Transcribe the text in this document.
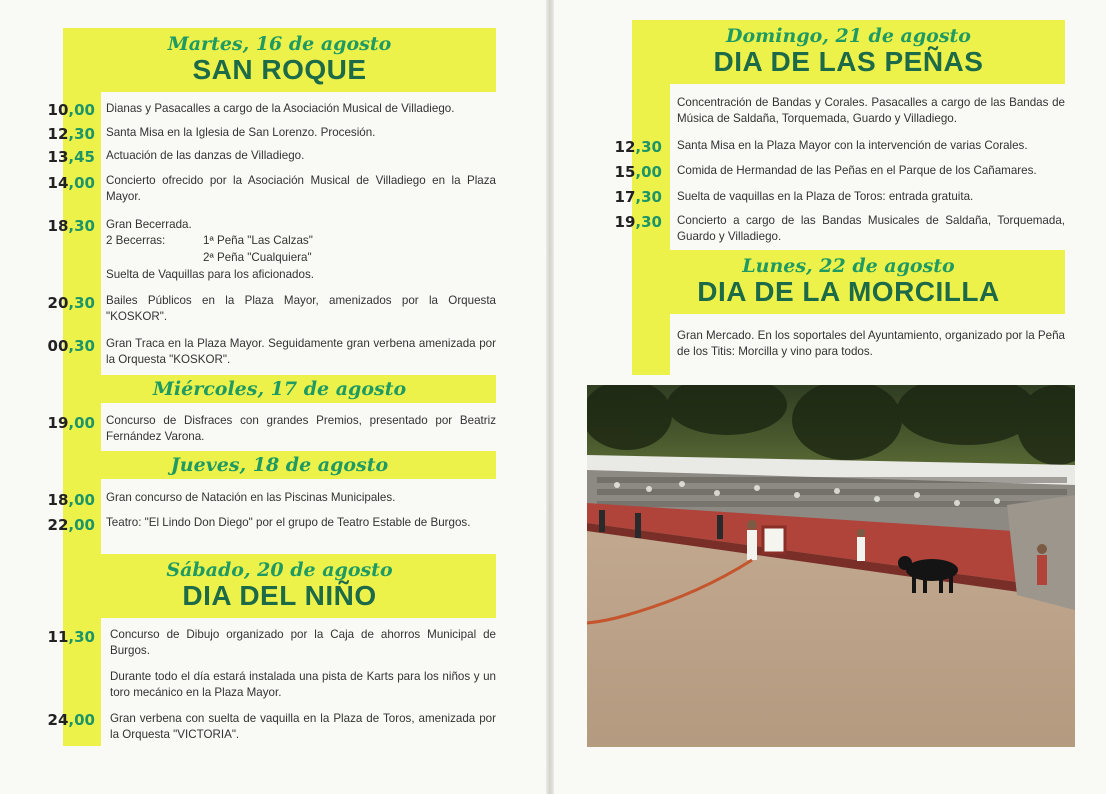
Martes, 16 de agosto
SAN ROQUE
10,00 Dianas y Pasacalles a cargo de la Asociación Musical de Villadiego.
12,30 Santa Misa en la Iglesia de San Lorenzo. Procesión.
13,45 Actuación de las danzas de Villadiego.
14,00 Concierto ofrecido por la Asociación Musical de Villadiego en la Plaza Mayor.
18,30 Gran Becerrada.
2 Becerras:	1ª Peña "Las Calzas"
2ª Peña "Cualquiera"
Suelta de Vaquillas para los aficionados.
20,30 Bailes Públicos en la Plaza Mayor, amenizados por la Orquesta "KOSKOR".
00,30 Gran Traca en la Plaza Mayor. Seguidamente gran verbena amenizada por la Orquesta "KOSKOR".
Miércoles, 17 de agosto
19,00 Concurso de Disfraces con grandes Premios, presentado por Beatriz Fernández Varona.
Jueves, 18 de agosto
18,00 Gran concurso de Natación en las Piscinas Municipales.
22,00 Teatro: "El Lindo Don Diego" por el grupo de Teatro Estable de Burgos.
Sábado, 20 de agosto
DIA DEL NIÑO
11,30 Concurso de Dibujo organizado por la Caja de ahorros Municipal de Burgos.
Durante todo el día estará instalada una pista de Karts para los niños y un toro mecánico en la Plaza Mayor.
24,00 Gran verbena con suelta de vaquilla en la Plaza de Toros, amenizada por la Orquesta "VICTORIA".
Domingo, 21 de agosto
DIA DE LAS PEÑAS
Concentración de Bandas y Corales. Pasacalles a cargo de las Bandas de Música de Saldaña, Torquemada, Guardo y Villadiego.
12,30 Santa Misa en la Plaza Mayor con la intervención de varias Corales.
15,00 Comida de Hermandad de las Peñas en el Parque de los Cañamares.
17,30 Suelta de vaquillas en la Plaza de Toros: entrada gratuita.
19,30 Concierto a cargo de las Bandas Musicales de Saldaña, Torquemada, Guardo y Villadiego.
Lunes, 22 de agosto
DIA DE LA MORCILLA
Gran Mercado. En los soportales del Ayuntamiento, organizado por la Peña de los Titis: Morcilla y vino para todos.
